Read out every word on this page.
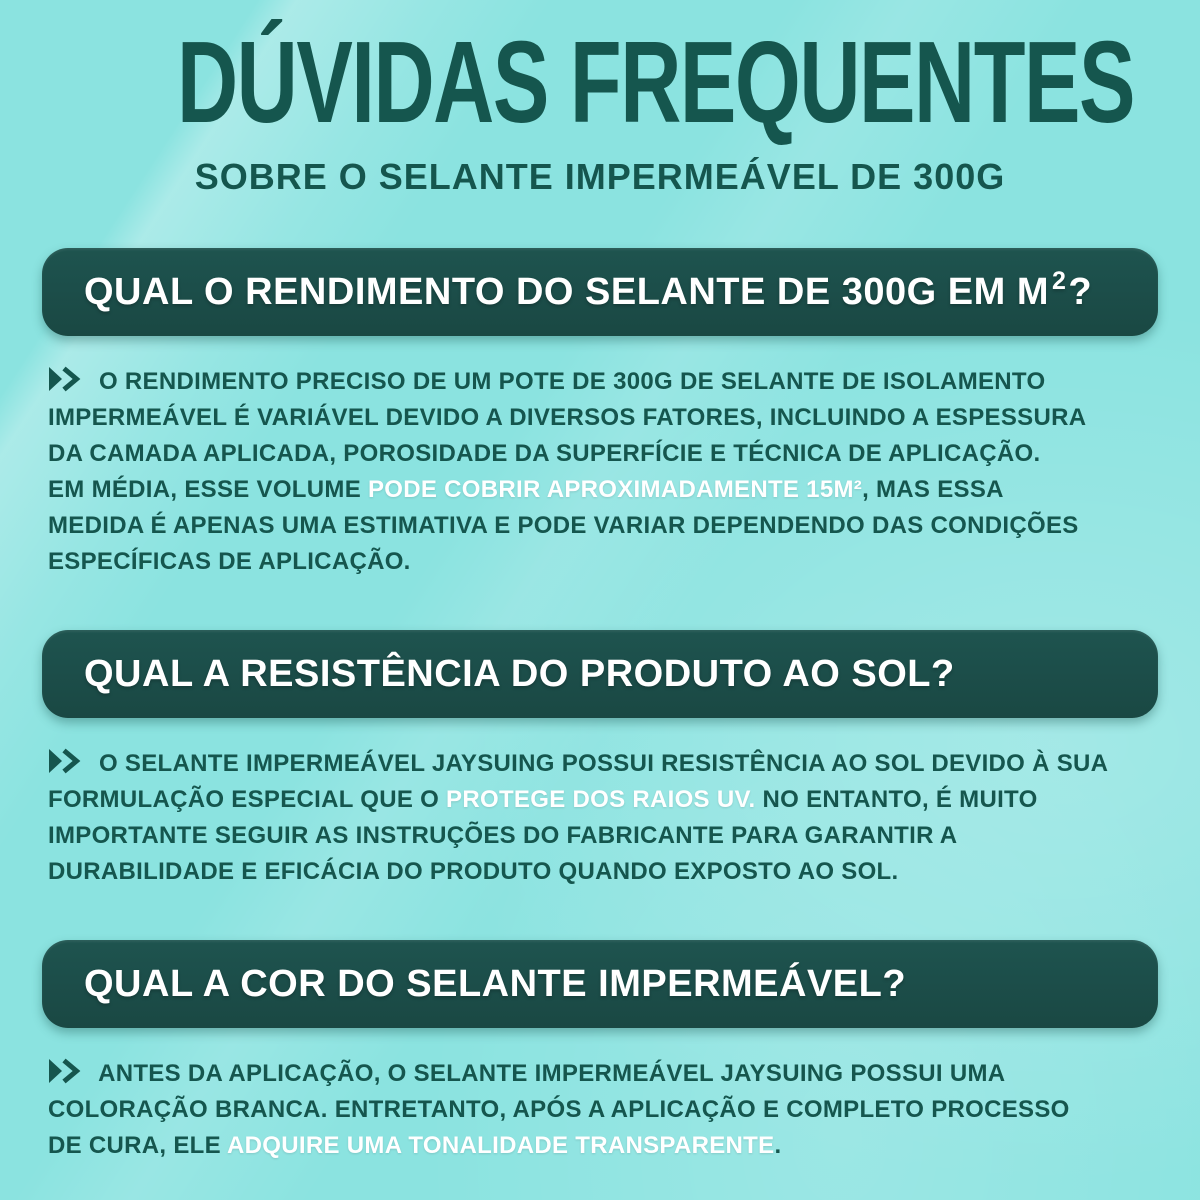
DÚVIDAS FREQUENTES
SOBRE O SELANTE IMPERMEÁVEL DE 300G
QUAL O RENDIMENTO DO SELANTE DE 300G EM M 2?
O RENDIMENTO PRECISO DE UM POTE DE 300G DE SELANTE DE ISOLAMENTO
IMPERMEÁVEL É VARIÁVEL DEVIDO A DIVERSOS FATORES, INCLUINDO A ESPESSURA
DA CAMADA APLICADA, POROSIDADE DA SUPERFÍCIE E TÉCNICA DE APLICAÇÃO.
EM MÉDIA, ESSE VOLUME PODE COBRIR APROXIMADAMENTE 15M², MAS ESSA
MEDIDA É APENAS UMA ESTIMATIVA E PODE VARIAR DEPENDENDO DAS CONDIÇÕES
ESPECÍFICAS DE APLICAÇÃO.
QUAL A RESISTÊNCIA DO PRODUTO AO SOL?
O SELANTE IMPERMEÁVEL JAYSUING POSSUI RESISTÊNCIA AO SOL DEVIDO À SUA
FORMULAÇÃO ESPECIAL QUE O PROTEGE DOS RAIOS UV. NO ENTANTO, É MUITO
IMPORTANTE SEGUIR AS INSTRUÇÕES DO FABRICANTE PARA GARANTIR A
DURABILIDADE E EFICÁCIA DO PRODUTO QUANDO EXPOSTO AO SOL.
QUAL A COR DO SELANTE IMPERMEÁVEL?
ANTES DA APLICAÇÃO, O SELANTE IMPERMEÁVEL JAYSUING POSSUI UMA
COLORAÇÃO BRANCA. ENTRETANTO, APÓS A APLICAÇÃO E COMPLETO PROCESSO
DE CURA, ELE ADQUIRE UMA TONALIDADE TRANSPARENTE.
